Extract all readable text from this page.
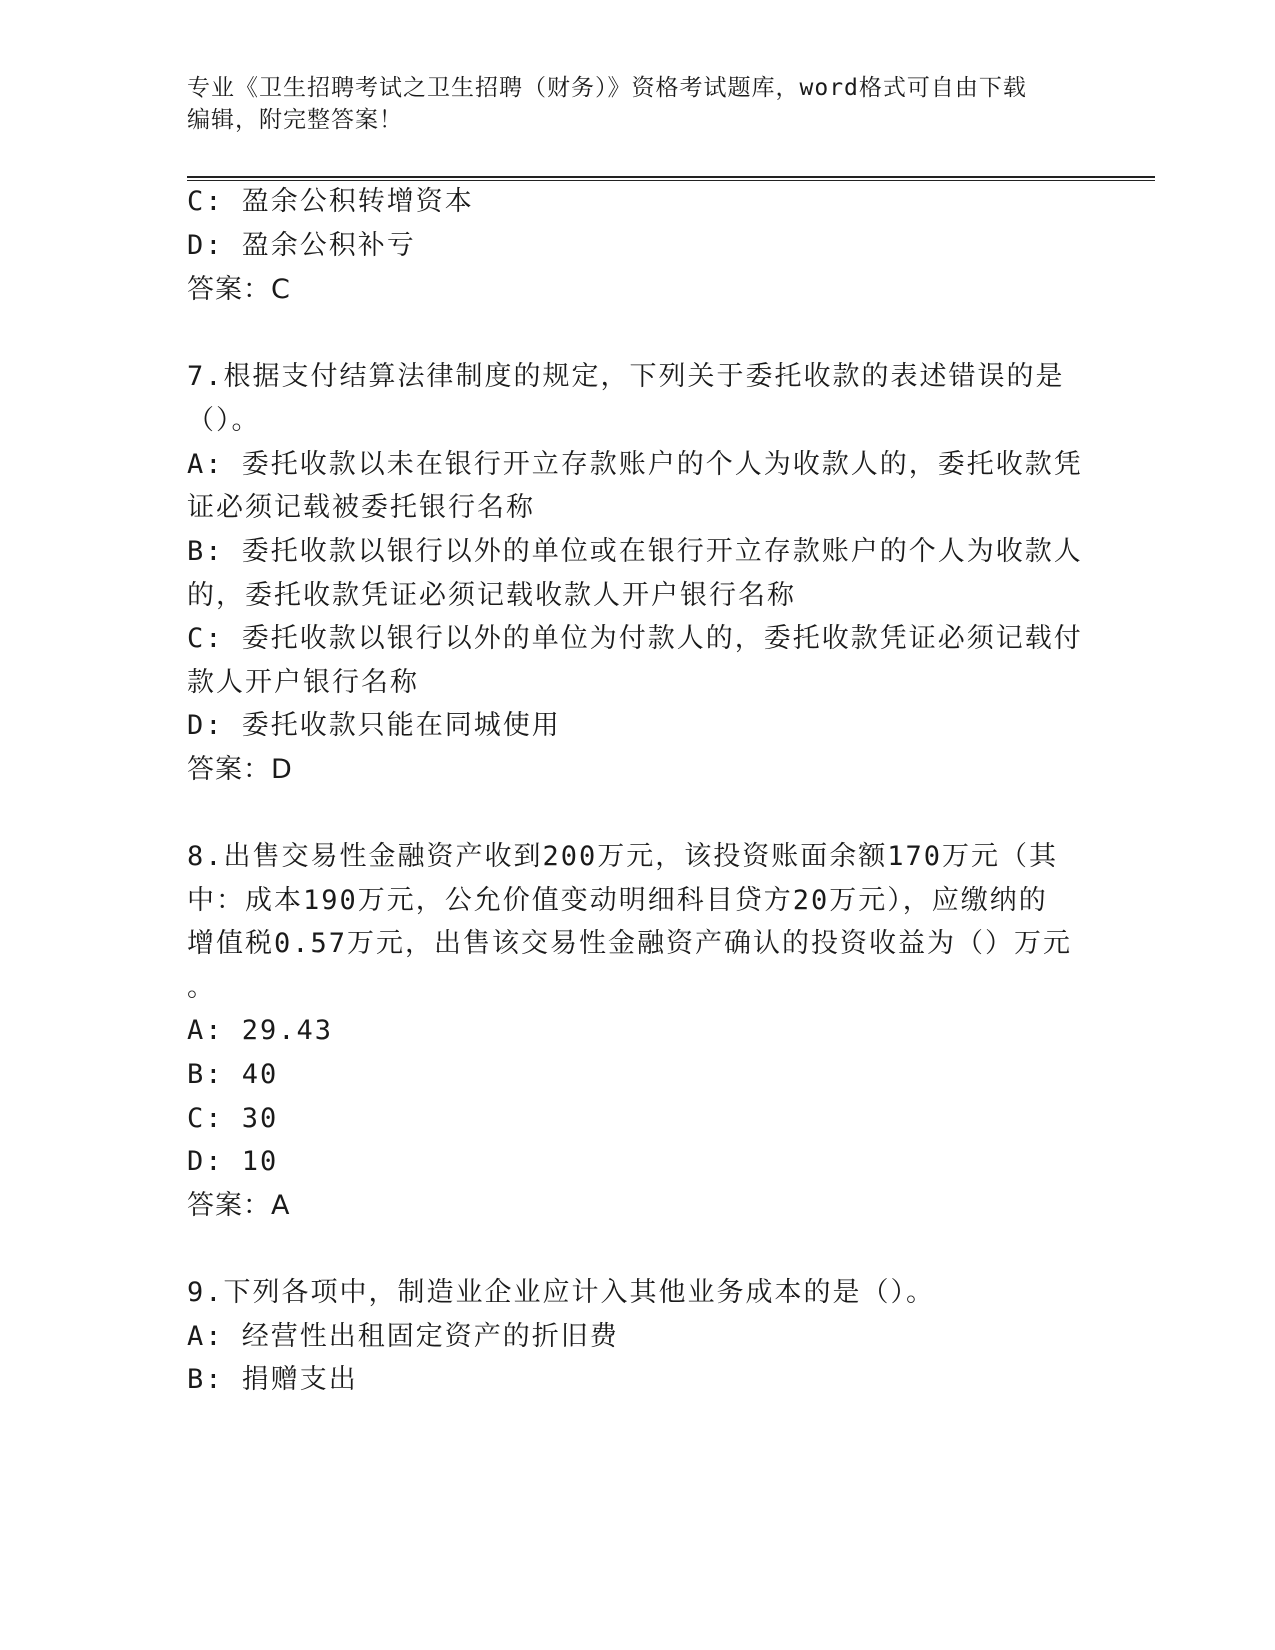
专业《卫生招聘考试之卫生招聘（财务）》资格考试题库，word格式可自由下载
编辑，附完整答案！
C: 盈余公积转增资本
D: 盈余公积补亏
答案：C
7.根据支付结算法律制度的规定，下列关于委托收款的表述错误的是
（）。
A: 委托收款以未在银行开立存款账户的个人为收款人的，委托收款凭
证必须记载被委托银行名称
B: 委托收款以银行以外的单位或在银行开立存款账户的个人为收款人
的，委托收款凭证必须记载收款人开户银行名称
C: 委托收款以银行以外的单位为付款人的，委托收款凭证必须记载付
款人开户银行名称
D: 委托收款只能在同城使用
答案：D
8.出售交易性金融资产收到200万元，该投资账面余额170万元（其
中：成本190万元，公允价值变动明细科目贷方20万元），应缴纳的
增值税0.57万元，出售该交易性金融资产确认的投资收益为（）万元
。
A: 29.43
B: 40
C: 30
D: 10
答案：A
9.下列各项中，制造业企业应计入其他业务成本的是（）。
A: 经营性出租固定资产的折旧费
B: 捐赠支出
